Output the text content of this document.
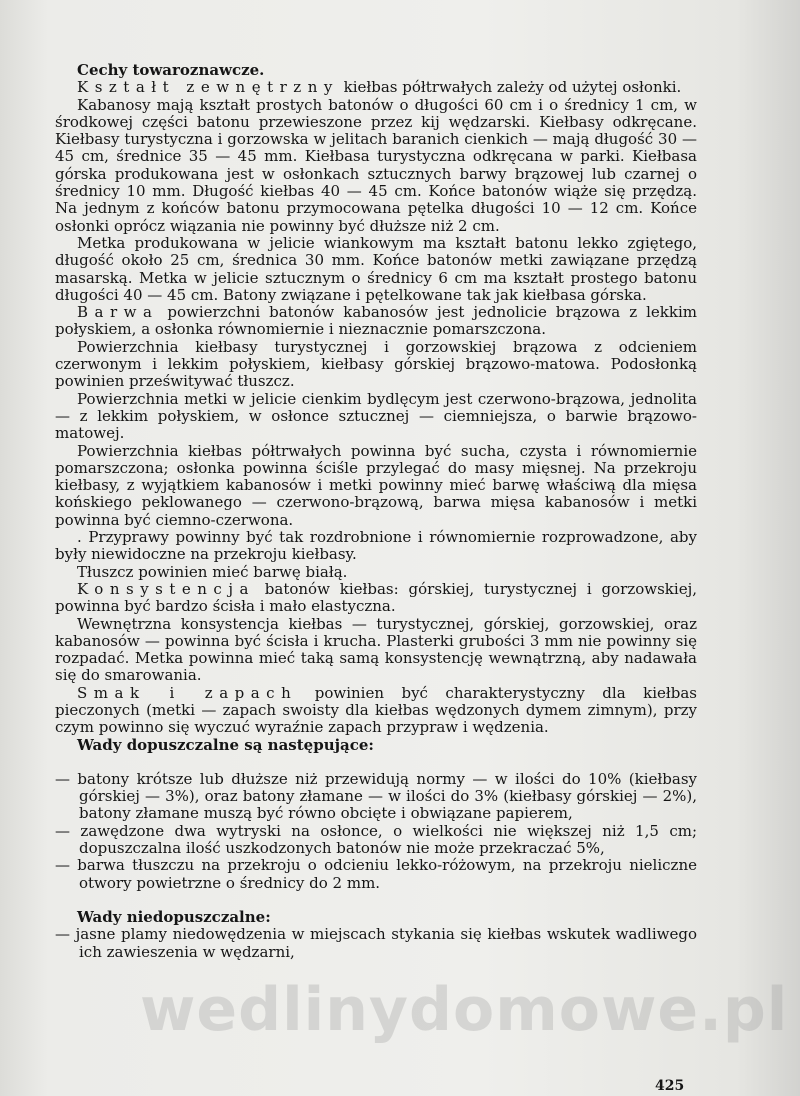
Cechy towaroznawcze.

Kształt zewnętrzny kiełbas półtrwałych zależy od użytej osłonki.

Kabanosy mają kształt prostych batonów o długości 60 cm i o średnicy 1 cm, w środkowej części batonu przewieszone przez kij wędzarski. Kiełbasy odkręcane. Kiełbasy turystyczna i gorzowska w jelitach baranich cienkich — mają długość 30 — 45 cm, średnice 35 — 45 mm. Kiełbasa turystyczna odkręcana w parki. Kiełbasa górska produkowana jest w osłonkach sztucznych barwy brązowej lub czarnej o średnicy 10 mm. Długość kiełbas 40 — 45 cm. Końce batonów wiąże się przędzą. Na jednym z końców batonu przymocowana pętelka długości 10 — 12 cm. Końce osłonki oprócz wiązania nie powinny być dłuższe niż 2 cm.

Metka produkowana w jelicie wiankowym ma kształt batonu lekko zgiętego, długość około 25 cm, średnica 30 mm. Końce batonów metki zawiązane przędzą masarską. Metka w jelicie sztucznym o średnicy 6 cm ma kształt prostego batonu długości 40 — 45 cm. Batony związane i pętelkowane tak jak kiełbasa górska.

Barwa powierzchni batonów kabanosów jest jednolicie brązowa z lekkim połyskiem, a osłonka równomiernie i nieznacznie pomarszczona.

Powierzchnia kiełbasy turystycznej i gorzowskiej brązowa z odcieniem czerwonym i lekkim połyskiem, kiełbasy górskiej brązowo-matowa. Podosłonką powinien prześwitywać tłuszcz.

Powierzchnia metki w jelicie cienkim bydlęcym jest czerwono-brązowa, jednolita — z lekkim połyskiem, w osłonce sztucznej — ciemniejsza, o barwie brązowo-matowej.

Powierzchnia kiełbas półtrwałych powinna być sucha, czysta i równomiernie pomarszczona; osłonka powinna ściśle przylegać do masy mięsnej. Na przekroju kiełbasy, z wyjątkiem kabanosów i metki powinny mieć barwę właściwą dla mięsa końskiego peklowanego — czerwono-brązową, barwa mięsa kabanosów i metki powinna być ciemno-czerwona.

. Przyprawy powinny być tak rozdrobnione i równomiernie rozprowadzone, aby były niewidoczne na przekroju kiełbasy.

Tłuszcz powinien mieć barwę białą.

Konsystencja batonów kiełbas: górskiej, turystycznej i gorzowskiej, powinna być bardzo ścisła i mało elastyczna.

Wewnętrzna konsystencja kiełbas — turystycznej, górskiej, gorzowskiej, oraz kabanosów — powinna być ścisła i krucha. Plasterki grubości 3 mm nie powinny się rozpadać. Metka powinna mieć taką samą konsystencję wewnątrzną, aby nadawała się do smarowania.

Smak i zapach powinien być charakterystyczny dla kiełbas pieczonych (metki — zapach swoisty dla kiełbas wędzonych dymem zimnym), przy czym powinno się wyczuć wyraźnie zapach przypraw i wędzenia.

Wady dopuszczalne są następujące:

— batony krótsze lub dłuższe niż przewidują normy — w ilości do 10% (kiełbasy górskiej — 3%), oraz batony złamane — w ilości do 3% (kiełbasy górskiej — 2%), batony złamane muszą być równo obcięte i obwiązane papierem,

— zawędzone dwa wytryski na osłonce, o wielkości nie większej niż 1,5 cm; dopuszczalna ilość uszkodzonych batonów nie może przekraczać 5%,

— barwa tłuszczu na przekroju o odcieniu lekko-różowym, na przekroju nieliczne otwory powietrzne o średnicy do 2 mm.

Wady niedopuszczalne:

— jasne plamy niedowędzenia w miejscach stykania się kiełbas wskutek wadliwego ich zawieszenia w wędzarni,

wedlinydomowe.pl
425
